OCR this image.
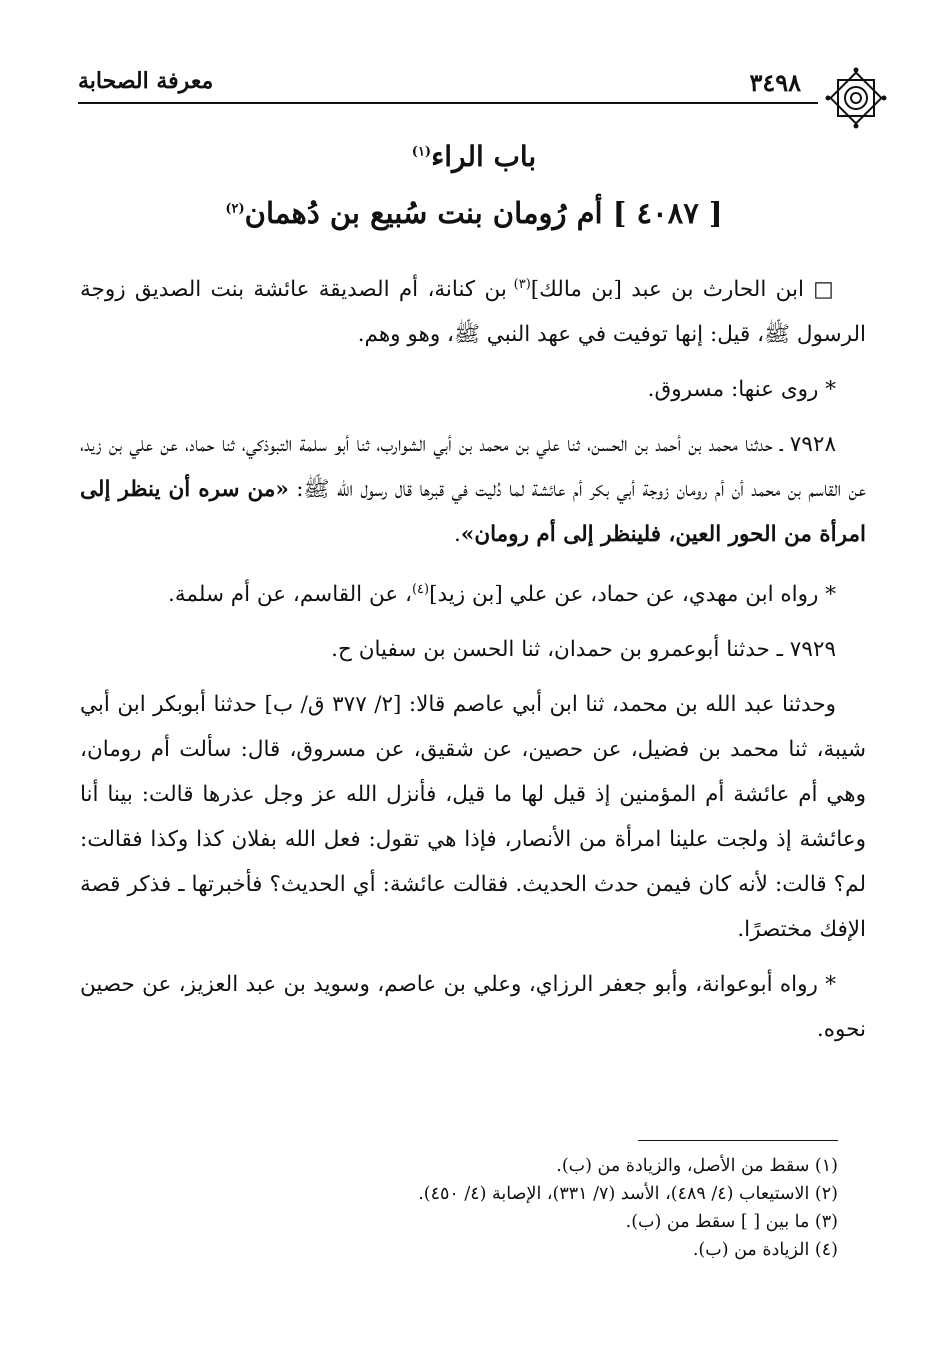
٣٤٩٨
معرفة الصحابة
باب الراء$^{(١)}$
[ ٤٠٨٧ ] أم رُومان بنت سُبيع بن دُهمان$^{(٢)}$

□ ابن الحارث بن عبد [بن مالك]$^{(٣)}$ بن كنانة، أم الصديقة عائشة بنت الصديق زوجة الرسول ﷺ، قيل: إنها توفيت في عهد النبي ﷺ، وهو وهم.

* روى عنها: مسروق.

٧٩٢٨ ـ حدثنا محمد بن أحمد بن الحسن، ثنا علي بن محمد بن أبي الشوارب، ثنا أبو سلمة التبوذكي، ثنا حماد، عن علي بن زيد، عن القاسم بن محمد أن أم رومان زوجة أبي بكر أم عائشة لما دُليت في قبرها قال رسول الله ﷺ: «من سره أن ينظر إلى امرأة من الحور العين، فلينظر إلى أم رومان».

* رواه ابن مهدي، عن حماد، عن علي [بن زيد]$^{(٤)}$، عن القاسم، عن أم سلمة.

٧٩٢٩ ـ حدثنا أبوعمرو بن حمدان، ثنا الحسن بن سفيان ح.

وحدثنا عبد الله بن محمد، ثنا ابن أبي عاصم قالا: [٢/ ٣٧٧ ق/ ب] حدثنا أبوبكر ابن أبي شيبة، ثنا محمد بن فضيل، عن حصين، عن شقيق، عن مسروق، قال: سألت أم رومان، وهي أم عائشة أم المؤمنين إذ قيل لها ما قيل، فأنزل الله عز وجل عذرها قالت: بينا أنا وعائشة إذ ولجت علينا امرأة من الأنصار، فإذا هي تقول: فعل الله بفلان كذا وكذا فقالت: لم؟ قالت: لأنه كان فيمن حدث الحديث. فقالت عائشة: أي الحديث؟ فأخبرتها ـ فذكر قصة الإفك مختصرًا.

* رواه أبوعوانة، وأبو جعفر الرزاي، وعلي بن عاصم، وسويد بن عبد العزيز، عن حصين نحوه.

(١) سقط من الأصل، والزيادة من (ب).
(٢) الاستيعاب (٤/ ٤٨٩)، الأسد (٧/ ٣٣١)، الإصابة (٤/ ٤٥٠).
(٣) ما بين [ ] سقط من (ب).
(٤) الزيادة من (ب).
